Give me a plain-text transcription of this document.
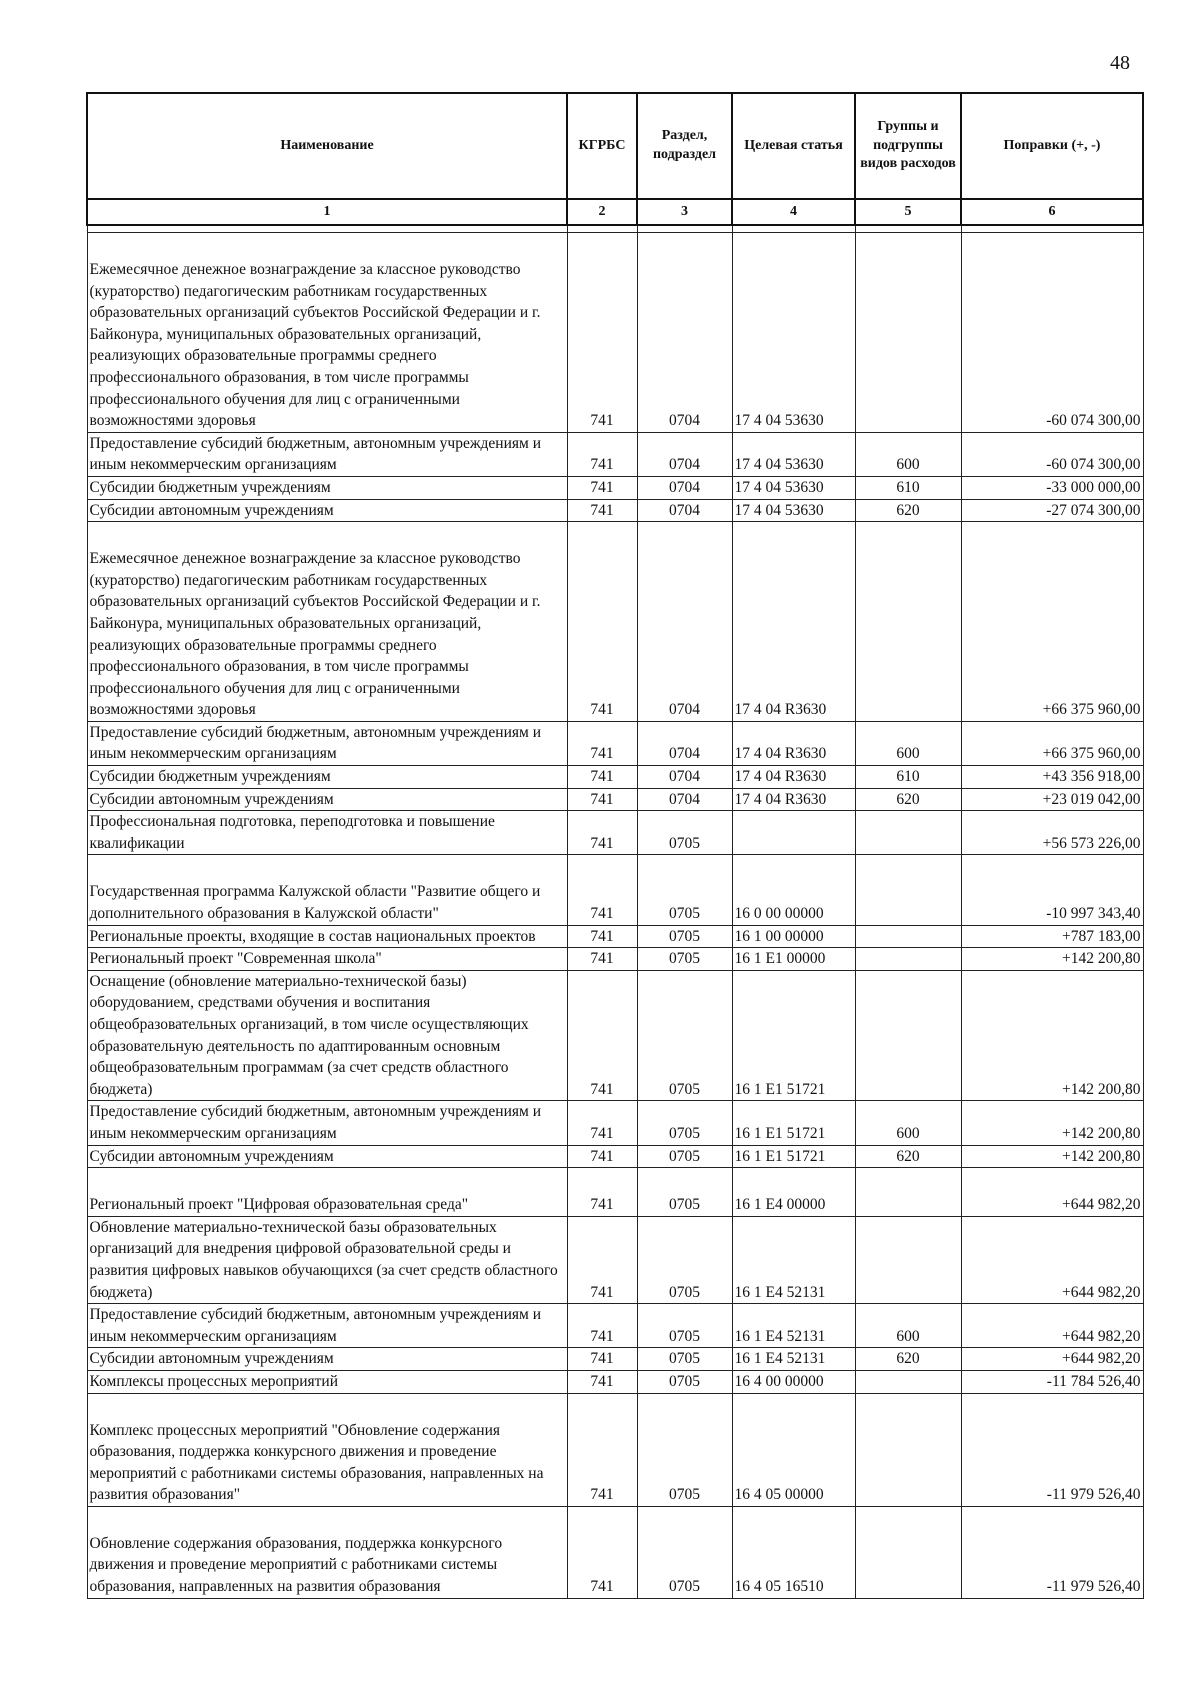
48
Наименование	КГРБС	Раздел, подраздел	Целевая статья	Группы и подгруппы видов расходов	Поправки (+, -)
1	2	3	4	5	6

Ежемесячное денежное вознаграждение за классное руководство (кураторство) педагогическим работникам государственных образовательных организаций субъектов Российской Федерации и г. Байконура, муниципальных образовательных организаций, реализующих образовательные программы среднего профессионального образования, в том числе программы профессионального обучения для лиц с ограниченными возможностями здоровья	741	0704	17 4 04 53630		-60 074 300,00
Предоставление субсидий бюджетным, автономным учреждениям и иным некоммерческим организациям	741	0704	17 4 04 53630	600	-60 074 300,00
Субсидии бюджетным учреждениям	741	0704	17 4 04 53630	610	-33 000 000,00
Субсидии автономным учреждениям	741	0704	17 4 04 53630	620	-27 074 300,00

Ежемесячное денежное вознаграждение за классное руководство (кураторство) педагогическим работникам государственных образовательных организаций субъектов Российской Федерации и г. Байконура, муниципальных образовательных организаций, реализующих образовательные программы среднего профессионального образования, в том числе программы профессионального обучения для лиц с ограниченными возможностями здоровья	741	0704	17 4 04 R3630		+66 375 960,00
Предоставление субсидий бюджетным, автономным учреждениям и иным некоммерческим организациям	741	0704	17 4 04 R3630	600	+66 375 960,00
Субсидии бюджетным учреждениям	741	0704	17 4 04 R3630	610	+43 356 918,00
Субсидии автономным учреждениям	741	0704	17 4 04 R3630	620	+23 019 042,00
Профессиональная подготовка, переподготовка и повышение квалификации	741	0705			+56 573 226,00

Государственная программа Калужской области "Развитие общего и дополнительного образования в Калужской области"	741	0705	16 0 00 00000		-10 997 343,40
Региональные проекты, входящие в состав национальных проектов	741	0705	16 1 00 00000		+787 183,00
Региональный проект "Современная школа"	741	0705	16 1 E1 00000		+142 200,80
Оснащение (обновление материально-технической базы) оборудованием, средствами обучения и воспитания общеобразовательных организаций, в том числе осуществляющих образовательную деятельность по адаптированным основным общеобразовательным программам (за счет средств областного бюджета)	741	0705	16 1 E1 51721		+142 200,80
Предоставление субсидий бюджетным, автономным учреждениям и иным некоммерческим организациям	741	0705	16 1 E1 51721	600	+142 200,80
Субсидии автономным учреждениям	741	0705	16 1 E1 51721	620	+142 200,80

Региональный проект "Цифровая образовательная среда"	741	0705	16 1 E4 00000		+644 982,20
Обновление материально-технической базы образовательных организаций для внедрения цифровой образовательной среды и развития цифровых навыков обучающихся (за счет средств областного бюджета)	741	0705	16 1 E4 52131		+644 982,20
Предоставление субсидий бюджетным, автономным учреждениям и иным некоммерческим организациям	741	0705	16 1 E4 52131	600	+644 982,20
Субсидии автономным учреждениям	741	0705	16 1 E4 52131	620	+644 982,20
Комплексы процессных мероприятий	741	0705	16 4 00 00000		-11 784 526,40

Комплекс процессных мероприятий "Обновление содержания образования, поддержка конкурсного движения и проведение мероприятий с работниками системы образования, направленных на развития образования"	741	0705	16 4 05 00000		-11 979 526,40

Обновление содержания образования, поддержка конкурсного движения и проведение мероприятий с работниками системы образования, направленных на развития образования	741	0705	16 4 05 16510		-11 979 526,40
